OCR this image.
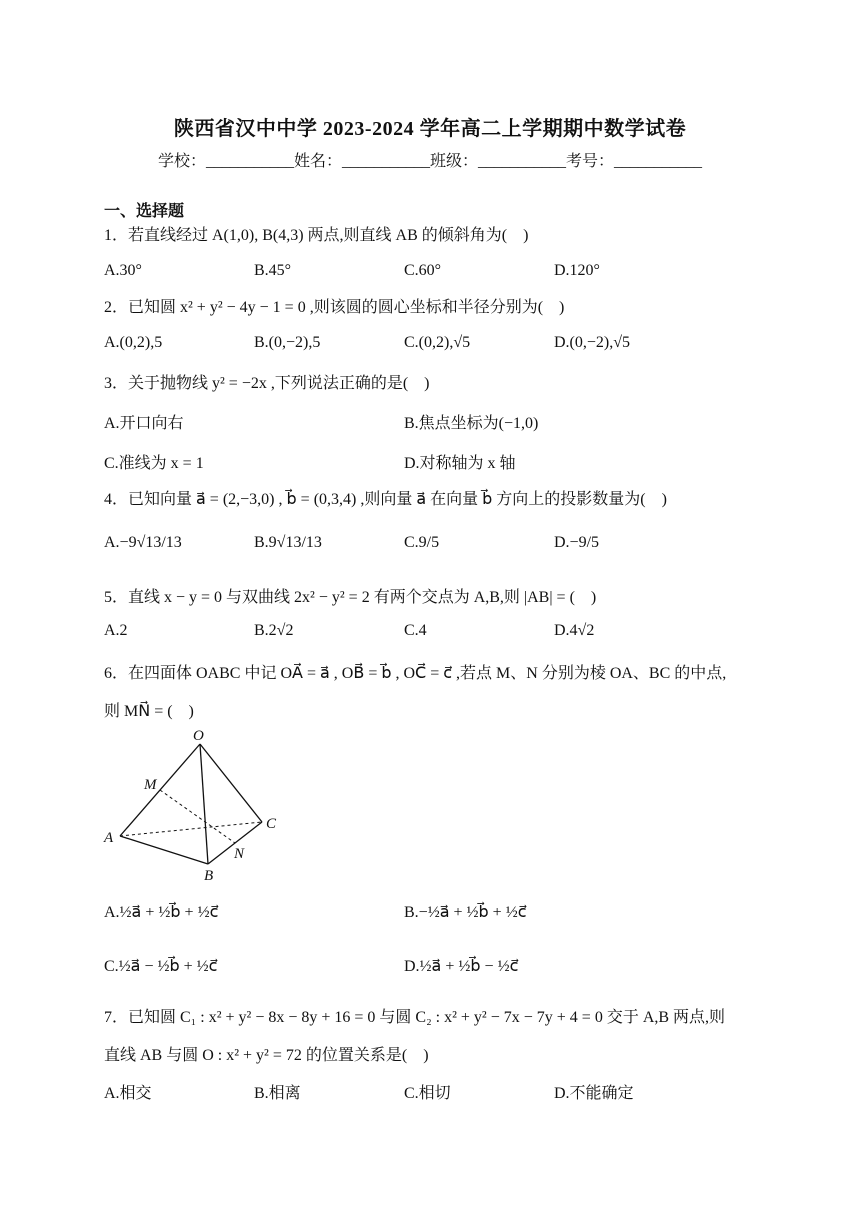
陕西省汉中中学 2023-2024 学年高二上学期期中数学试卷
学校：___________姓名：___________班级：___________考号：___________
一、选择题
1．若直线经过 A(1,0), B(4,3) 两点,则直线 AB 的倾斜角为(　)
A.30°	B.45°	C.60°	D.120°
2．已知圆 x² + y² − 4y − 1 = 0 ,则该圆的圆心坐标和半径分别为(　)
A.(0,2),5	B.(0,−2),5	C.(0,2),√5	D.(0,−2),√5
3．关于抛物线 y² = −2x ,下列说法正确的是(　)
A.开口向右	B.焦点坐标为(−1,0)
C.准线为 x = 1	D.对称轴为 x 轴
4．已知向量 a⃗ = (2,−3,0) , b⃗ = (0,3,4) ,则向量 a⃗ 在向量 b⃗ 方向上的投影数量为(　)
A.−9√13/13	B.9√13/13	C.9/5	D.−9/5
5．直线 x − y = 0 与双曲线 2x² − y² = 2 有两个交点为 A,B,则 |AB| = (　)
A.2	B.2√2	C.4	D.4√2
6．在四面体 OABC 中记 OA⃗ = a⃗ , OB⃗ = b⃗ , OC⃗ = c⃗ ,若点 M、N 分别为棱 OA、BC 的中点,
则 MN⃗ = (　)
O
M
A
C
N
B
A.½a⃗ + ½b⃗ + ½c⃗	B.−½a⃗ + ½b⃗ + ½c⃗
C.½a⃗ − ½b⃗ + ½c⃗	D.½a⃗ + ½b⃗ − ½c⃗
7．已知圆 C₁ : x² + y² − 8x − 8y + 16 = 0 与圆 C₂ : x² + y² − 7x − 7y + 4 = 0 交于 A,B 两点,则
直线 AB 与圆 O : x² + y² = 72 的位置关系是(　)
A.相交	B.相离	C.相切	D.不能确定
